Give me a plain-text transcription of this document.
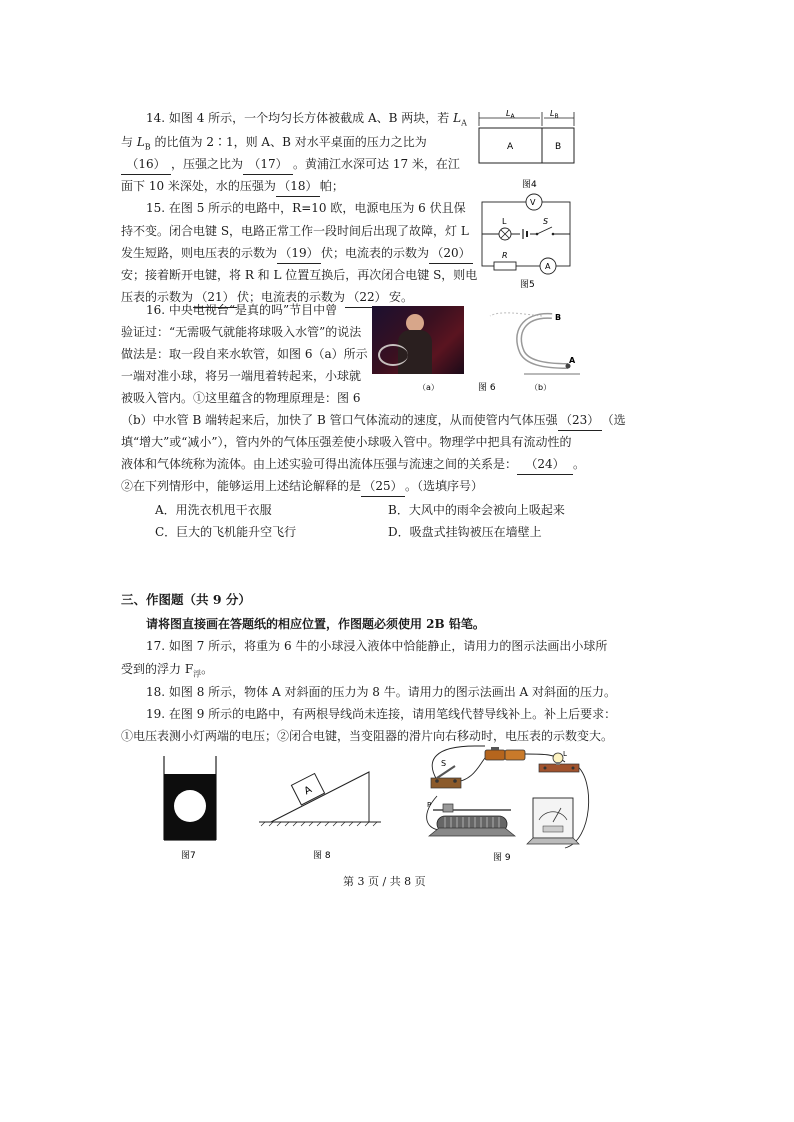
14. 如图 4 所示，一个均匀长方体被截成 A、B 两块，若 $L_A$
与 $L_B$ 的比值为 2∶1，则 A、B 对水平桌面的压力之比为
（16） ，压强之比为 （17） 。黄浦江水深可达 17 米，在江
面下 10 米深处，水的压强为 （18） 帕；
$L_A$	$L_B$
A	B
图4
15. 在图 5 所示的电路中，R=10 欧，电源电压为 6 伏且保
持不变。闭合电键 S，电路正常工作一段时间后出现了故障，灯 L
发生短路，则电压表的示数为 （19） 伏；电流表的示数为 （20）
安；接着断开电键，将 R 和 L 位置互换后，再次闭合电键 S，则电
压表的示数为 （21） 伏；电流表的示数为 （22） 安。
V
L	S
R
A
图5
16. 中央电视台“是真的吗”节目中曾
验证过：“无需吸气就能将球吸入水管”的说法
做法是：取一段自来水软管，如图 6（a）所示
一端对准小球，将另一端甩着转起来，小球就
被吸入管内。①这里蕴含的物理原理是：图 6
（b）中水管 B 端转起来后，加快了 B 管口气体流动的速度，从而使管内气体压强 （23） （选
填“增大”或“减小”），管内外的气体压强差使小球吸入管中。物理学中把具有流动性的
液体和气体统称为流体。由上述实验可得出流体压强与流速之间的关系是： （24） 。
②在下列情形中，能够运用上述结论解释的是 （25） 。（选填序号）
A．用洗衣机甩干衣服	B．大风中的雨伞会被向上吸起来
C．巨大的飞机能升空飞行	D．吸盘式挂钩被压在墙壁上
（a）	图 6	（b）
B
A
三、作图题（共 9 分）
请将图直接画在答题纸的相应位置，作图题必须使用 2B 铅笔。
17. 如图 7 所示，将重为 6 牛的小球浸入液体中恰能静止，请用力的图示法画出小球所
受到的浮力 $F_浮$。
18. 如图 8 所示，物体 A 对斜面的压力为 8 牛。请用力的图示法画出 A 对斜面的压力。
19. 在图 9 所示的电路中，有两根导线尚未连接，请用笔线代替导线补上。补上后要求：
①电压表测小灯两端的电压；②闭合电键，当变阻器的滑片向右移动时，电压表的示数变大。
图7
A
图 8
L
S
P
图 9
第 3 页 / 共 8 页
